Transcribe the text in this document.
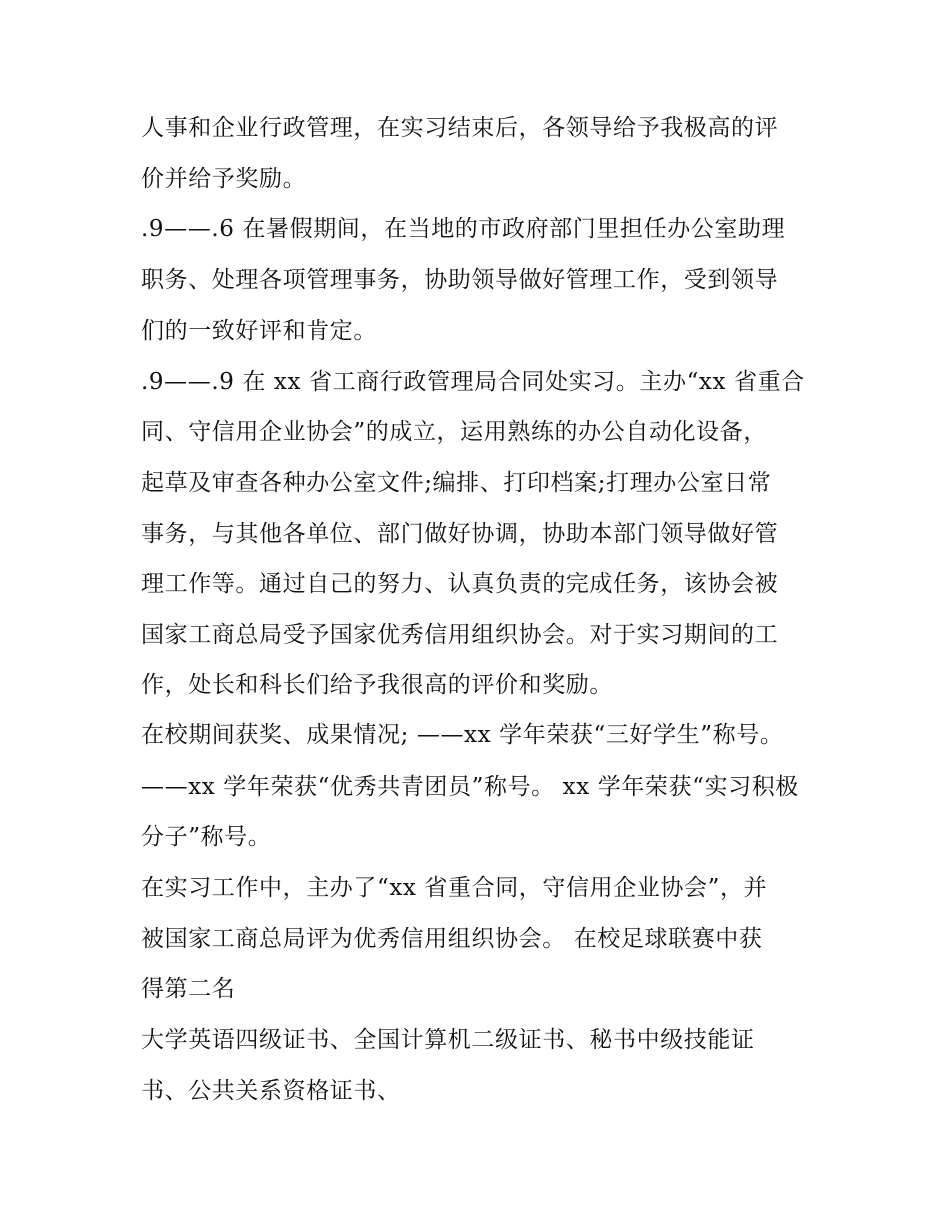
人事和企业行政管理，在实习结束后，各领导给予我极高的评
价并给予奖励。
.9——.6 在暑假期间，在当地的市政府部门里担任办公室助理
职务、处理各项管理事务，协助领导做好管理工作，受到领导
们的一致好评和肯定。
.9——.9 在 xx 省工商行政管理局合同处实习。主办“xx 省重合
同、守信用企业协会”的成立，运用熟练的办公自动化设备，
起草及审查各种办公室文件;编排、打印档案;打理办公室日常
事务，与其他各单位、部门做好协调，协助本部门领导做好管
理工作等。通过自己的努力、认真负责的完成任务，该协会被
国家工商总局受予国家优秀信用组织协会。对于实习期间的工
作，处长和科长们给予我很高的评价和奖励。
在校期间获奖、成果情况; ——xx 学年荣获“三好学生”称号。
——xx 学年荣获“优秀共青团员”称号。 xx 学年荣获“实习积极
分子”称号。
在实习工作中，主办了“xx 省重合同，守信用企业协会”，并
被国家工商总局评为优秀信用组织协会。 在校足球联赛中获
得第二名
大学英语四级证书、全国计算机二级证书、秘书中级技能证
书、公共关系资格证书、
